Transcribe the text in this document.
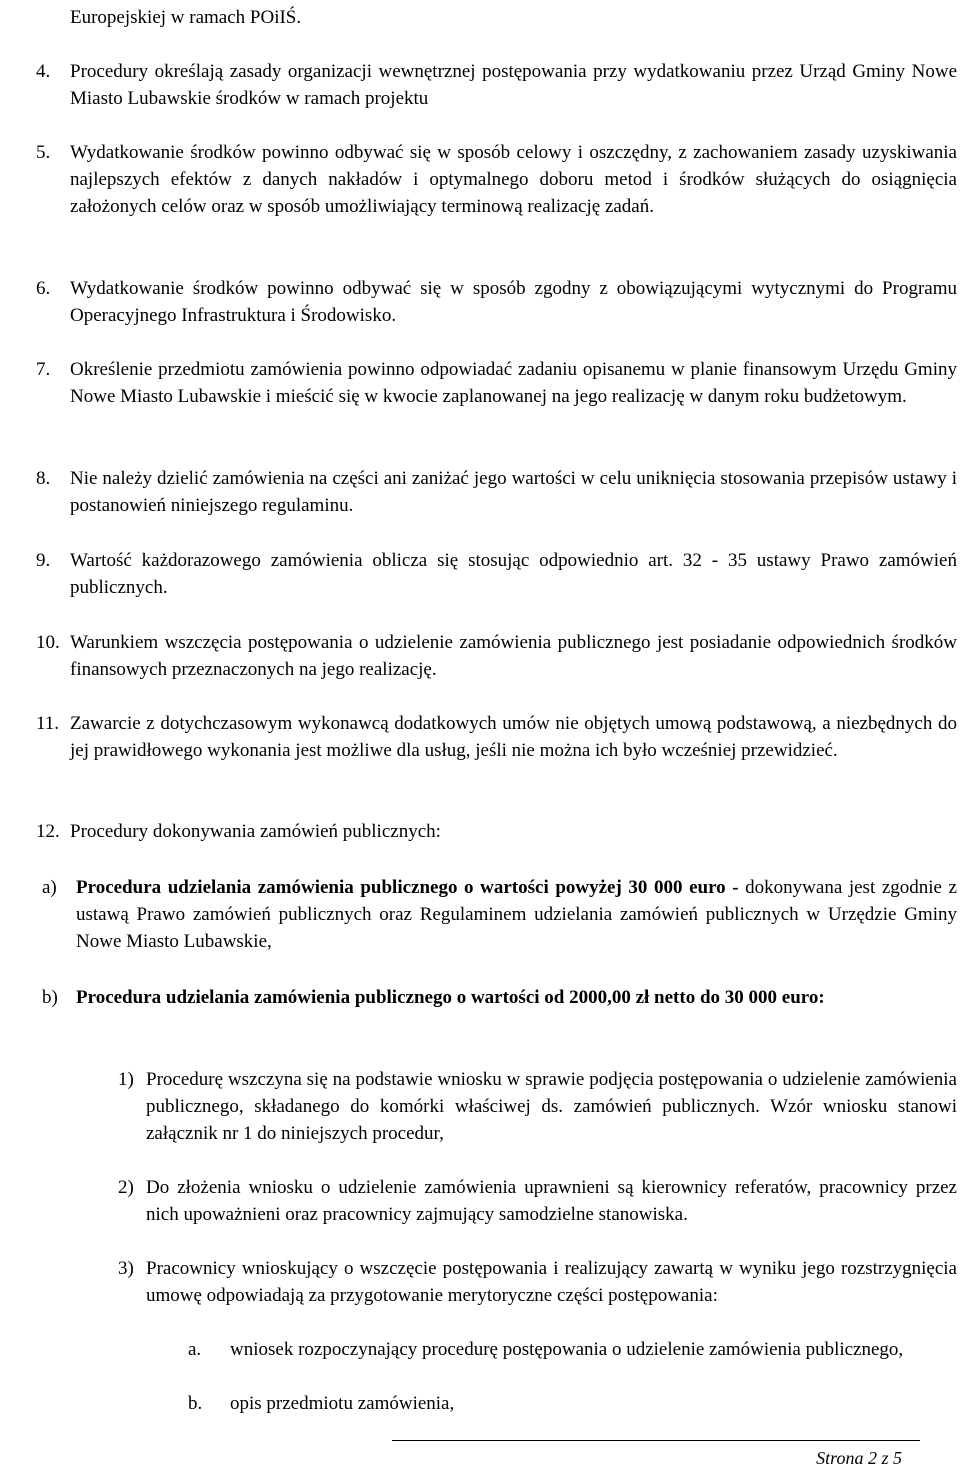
Europejskiej w ramach POiIŚ.
4.	Procedury określają zasady organizacji wewnętrznej postępowania przy wydatkowaniu przez Urząd Gminy Nowe Miasto Lubawskie środków w ramach projektu
5.	Wydatkowanie środków powinno odbywać się w sposób celowy i oszczędny, z zachowaniem zasady uzyskiwania najlepszych efektów z danych nakładów i optymalnego doboru metod i środków służących do osiągnięcia założonych celów oraz w sposób umożliwiający terminową realizację zadań.
6.	Wydatkowanie środków powinno odbywać się w sposób zgodny z obowiązującymi wytycznymi do Programu Operacyjnego Infrastruktura i Środowisko.
7.	Określenie przedmiotu zamówienia powinno odpowiadać zadaniu opisanemu w planie finansowym Urzędu Gminy Nowe Miasto Lubawskie i mieścić się w kwocie zaplanowanej na jego realizację w danym roku budżetowym.
8.	Nie należy dzielić zamówienia na części ani zaniżać jego wartości w celu uniknięcia stosowania przepisów ustawy i postanowień niniejszego regulaminu.
9.	Wartość każdorazowego zamówienia oblicza się stosując odpowiednio art. 32 - 35 ustawy Prawo zamówień publicznych.
10. Warunkiem wszczęcia postępowania o udzielenie zamówienia publicznego jest posiadanie odpowiednich środków finansowych przeznaczonych na jego realizację.
11. Zawarcie z dotychczasowym wykonawcą dodatkowych umów nie objętych umową podstawową, a niezbędnych do jej prawidłowego wykonania jest możliwe dla usług, jeśli nie można ich było wcześniej przewidzieć.
12. Procedury dokonywania zamówień publicznych:
a)	Procedura udzielania zamówienia publicznego o wartości powyżej 30 000 euro - dokonywana jest zgodnie z ustawą Prawo zamówień publicznych oraz Regulaminem udzielania zamówień publicznych w Urzędzie Gminy Nowe Miasto Lubawskie,
b) Procedura udzielania zamówienia publicznego o wartości od 2000,00 zł netto do 30 000 euro:
1) Procedurę wszczyna się na podstawie wniosku w sprawie podjęcia postępowania o udzielenie zamówienia publicznego, składanego do komórki właściwej ds. zamówień publicznych. Wzór wniosku stanowi załącznik nr 1 do niniejszych procedur,
2) Do złożenia wniosku o udzielenie zamówienia uprawnieni są kierownicy referatów, pracownicy przez nich upoważnieni oraz pracownicy zajmujący samodzielne stanowiska.
3) Pracownicy wnioskujący o wszczęcie postępowania i realizujący zawartą w wyniku jego rozstrzygnięcia umowę odpowiadają za przygotowanie merytoryczne części postępowania:
a.	wniosek rozpoczynający procedurę postępowania o udzielenie zamówienia publicznego,
b.	opis przedmiotu zamówienia,
Strona 2 z 5
